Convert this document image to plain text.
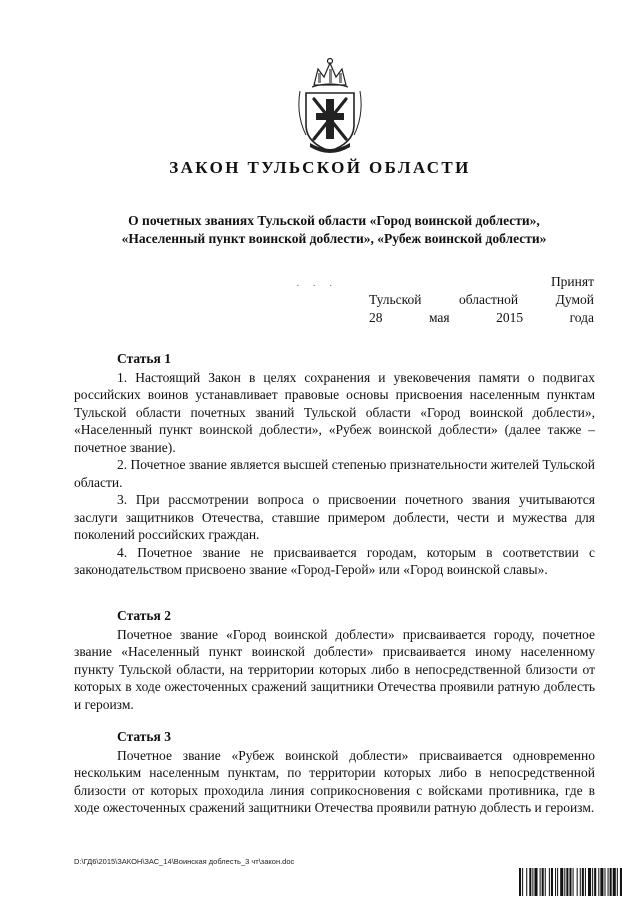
ЗАКОН ТУЛЬСКОЙ ОБЛАСТИ
О почетных званиях Тульской области «Город воинской доблести»,
«Населенный пункт воинской доблести», «Рубеж воинской доблести»
· · ·	Принят
Тульской	областной	Думой
28	мая	2015	года
Статья 1

1. Настоящий Закон в целях сохранения и увековечения памяти о подвигах российских воинов устанавливает правовые основы присвоения населенным пунктам Тульской области почетных званий Тульской области «Город воинской доблести», «Населенный пункт воинской доблести», «Рубеж воинской доблести» (далее также – почетное звание).

2. Почетное звание является высшей степенью признательности жителей Тульской области.

3. При рассмотрении вопроса о присвоении почетного звания учитываются заслуги защитников Отечества, ставшие примером доблести, чести и мужества для поколений российских граждан.

4. Почетное звание не присваивается городам, которым в соответствии с законодательством присвоено звание «Город-Герой» или «Город воинской славы».

Статья 2

Почетное звание «Город воинской доблести» присваивается городу, почетное звание «Населенный пункт воинской доблести» присваивается иному населенному пункту Тульской области, на территории которых либо в непосредственной близости от которых в ходе ожесточенных сражений защитники Отечества проявили ратную доблесть и героизм.

Статья 3

Почетное звание «Рубеж воинской доблести» присваивается одновременно нескольким населенным пунктам, по территории которых либо в непосредственной близости от которых проходила линия соприкосновения с войсками противника, где в ходе ожесточенных сражений защитники Отечества проявили ратную доблесть и героизм.

D:\ГД6\2015\ЗАКОН\ЗАС_14\Воинская доблесть_3 чт\закон.doc
